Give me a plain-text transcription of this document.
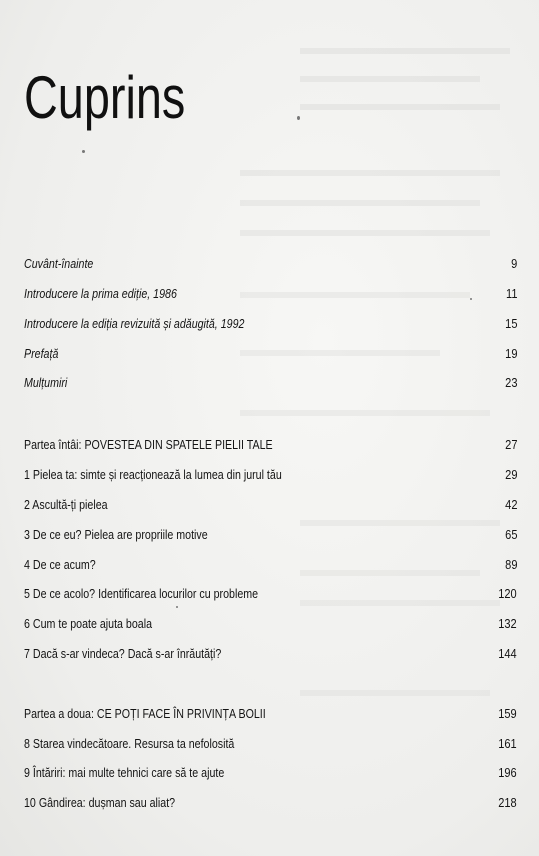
Cuprins
Cuvânt-înainte	9
Introducere la prima ediție, 1986	11
Introducere la ediția revizuită și adăugită, 1992	15
Prefață	19
Mulțumiri	23
Partea întâi: POVESTEA DIN SPATELE PIELII TALE	27
1 Pielea ta: simte și reacționează la lumea din jurul tău	29
2 Ascultă-ți pielea	42
3 De ce eu? Pielea are propriile motive	65
4 De ce acum?	89
5 De ce acolo? Identificarea locurilor cu probleme	120
6 Cum te poate ajuta boala	132
7 Dacă s-ar vindeca? Dacă s-ar înrăutăți?	144
Partea a doua: CE POȚI FACE ÎN PRIVINȚA BOLII	159
8 Starea vindecătoare. Resursa ta nefolosită	161
9 Întăriri: mai multe tehnici care să te ajute	196
10 Gândirea: dușman sau aliat?	218
